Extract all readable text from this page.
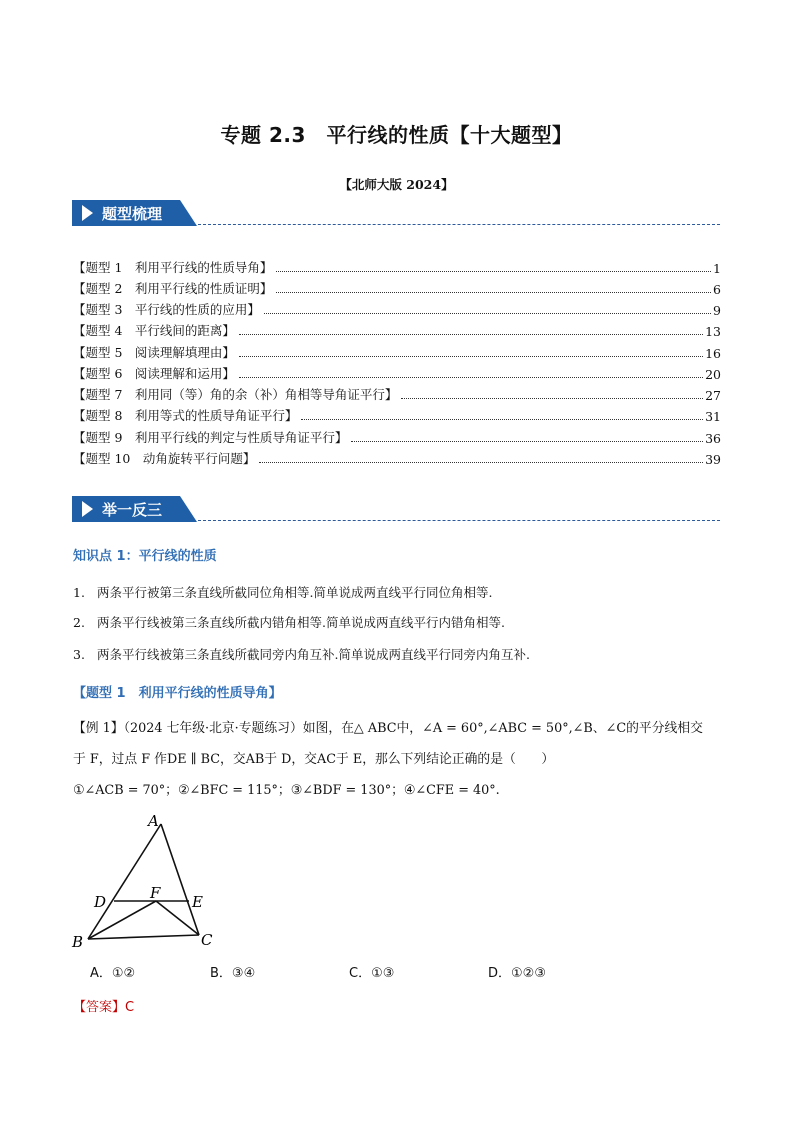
专题 2.3　平行线的性质【十大题型】
【北师大版 2024】
题型梳理
【题型 1　利用平行线的性质导角】	1
【题型 2　利用平行线的性质证明】	6
【题型 3　平行线的性质的应用】	9
【题型 4　平行线间的距离】	13
【题型 5　阅读理解填理由】	16
【题型 6　阅读理解和运用】	20
【题型 7　利用同（等）角的余（补）角相等导角证平行】	27
【题型 8　利用等式的性质导角证平行】	31
【题型 9　利用平行线的判定与性质导角证平行】	36
【题型 10　动角旋转平行问题】	39
举一反三
知识点 1：平行线的性质
1. 两条平行被第三条直线所截同位角相等.简单说成两直线平行同位角相等.
2. 两条平行线被第三条直线所截内错角相等.简单说成两直线平行内错角相等.
3. 两条平行线被第三条直线所截同旁内角互补.简单说成两直线平行同旁内角互补.
【题型 1　利用平行线的性质导角】
【例 1】（2024 七年级·北京·专题练习）如图，在△ ABC中，∠A = 60°,∠ABC = 50°,∠B、∠C的平分线相交
于 F，过点 F 作DE ∥ BC，交AB于 D，交AC于 E，那么下列结论正确的是（　　）
①∠ACB = 70°；②∠BFC = 115°；③∠BDF = 130°；④∠CFE = 40°.
A
B	C
D	E
F
A．①②	B．③④	C．①③	D．①②③
【答案】C
